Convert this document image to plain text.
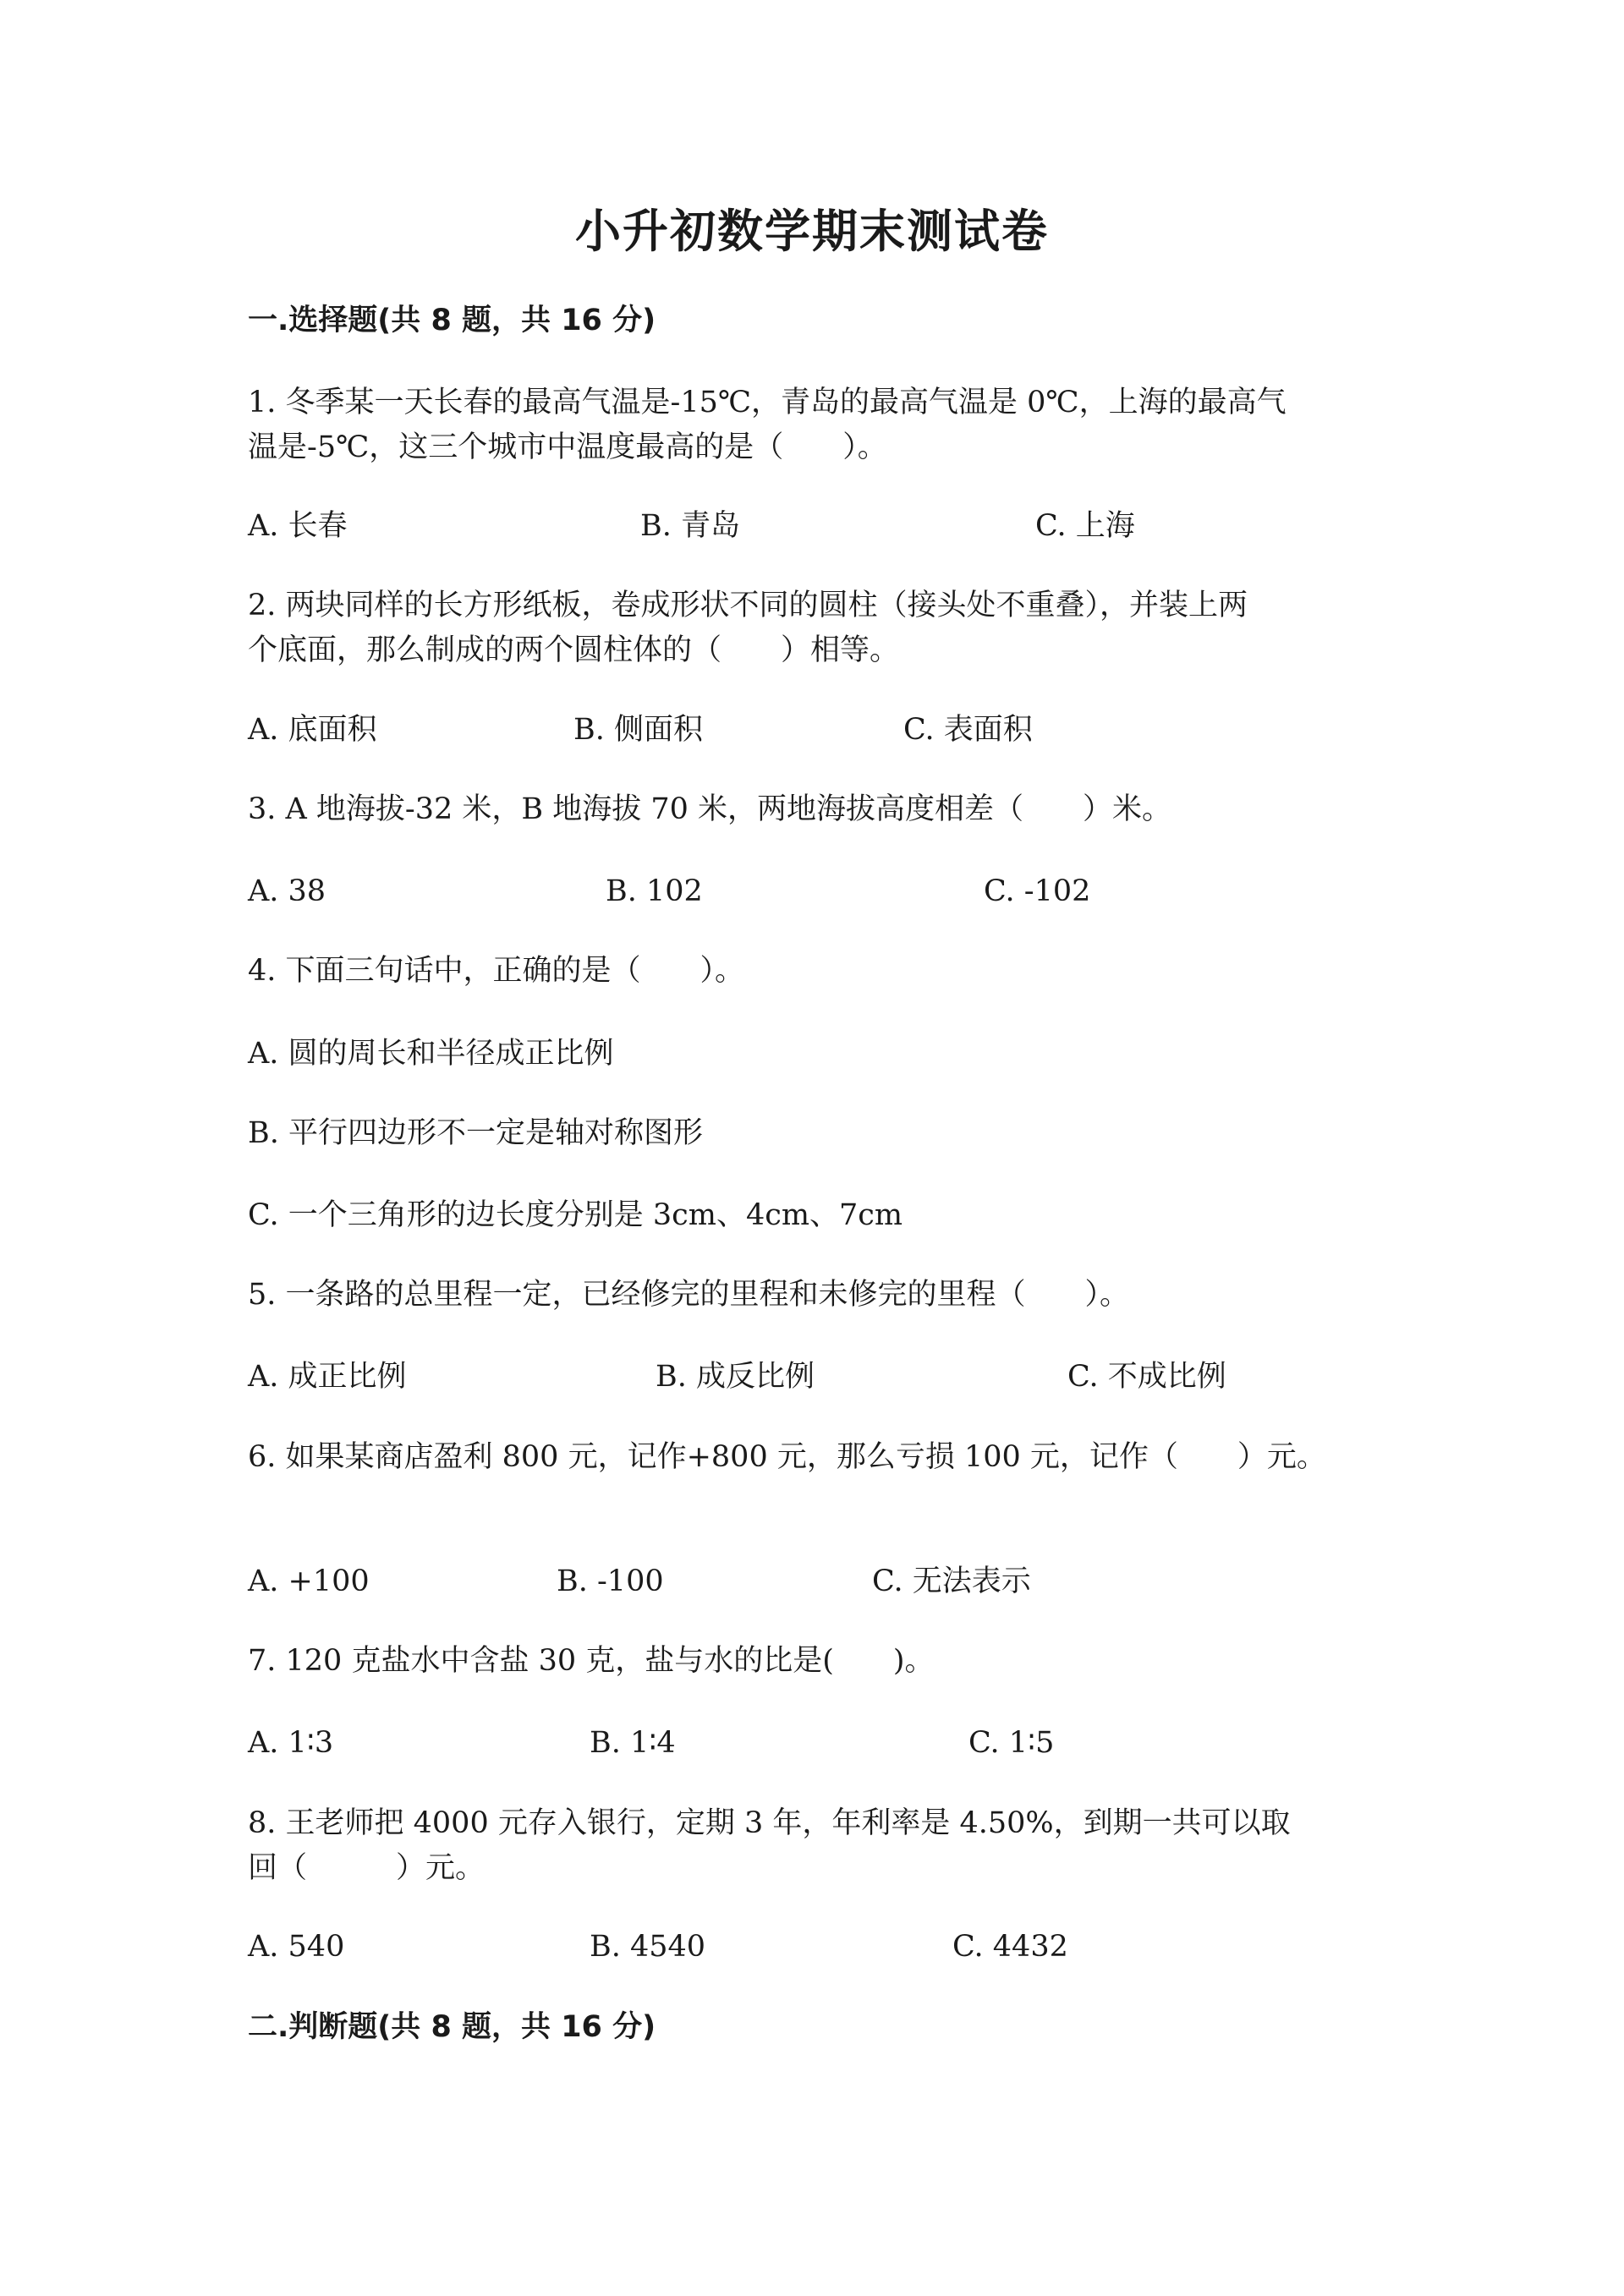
小升初数学期末测试卷
一.选择题(共 8 题，共 16 分)
1. 冬季某一天长春的最高气温是-15℃，青岛的最高气温是 0℃，上海的最高气
温是-5℃，这三个城市中温度最高的是（　　）。
A. 长春	B. 青岛	C. 上海
2. 两块同样的长方形纸板，卷成形状不同的圆柱（接头处不重叠），并装上两
个底面，那么制成的两个圆柱体的（　　）相等。
A. 底面积	B. 侧面积	C. 表面积
3. A 地海拔-32 米，B 地海拔 70 米，两地海拔高度相差（　　）米。
A. 38	B. 102	C. -102
4. 下面三句话中，正确的是（　　）。
A. 圆的周长和半径成正比例
B. 平行四边形不一定是轴对称图形
C. 一个三角形的边长度分别是 3cm、4cm、7cm
5. 一条路的总里程一定，已经修完的里程和未修完的里程（　　）。
A. 成正比例	B. 成反比例	C. 不成比例
6. 如果某商店盈利 800 元，记作+800 元，那么亏损 100 元，记作（　　）元。
A. +100	B. -100	C. 无法表示
7. 120 克盐水中含盐 30 克，盐与水的比是(　　)。
A. 1∶3	B. 1∶4	C. 1∶5
8. 王老师把 4000 元存入银行，定期 3 年，年利率是 4.50%，到期一共可以取
回（　　　）元。
A. 540	B. 4540	C. 4432
二.判断题(共 8 题，共 16 分)
